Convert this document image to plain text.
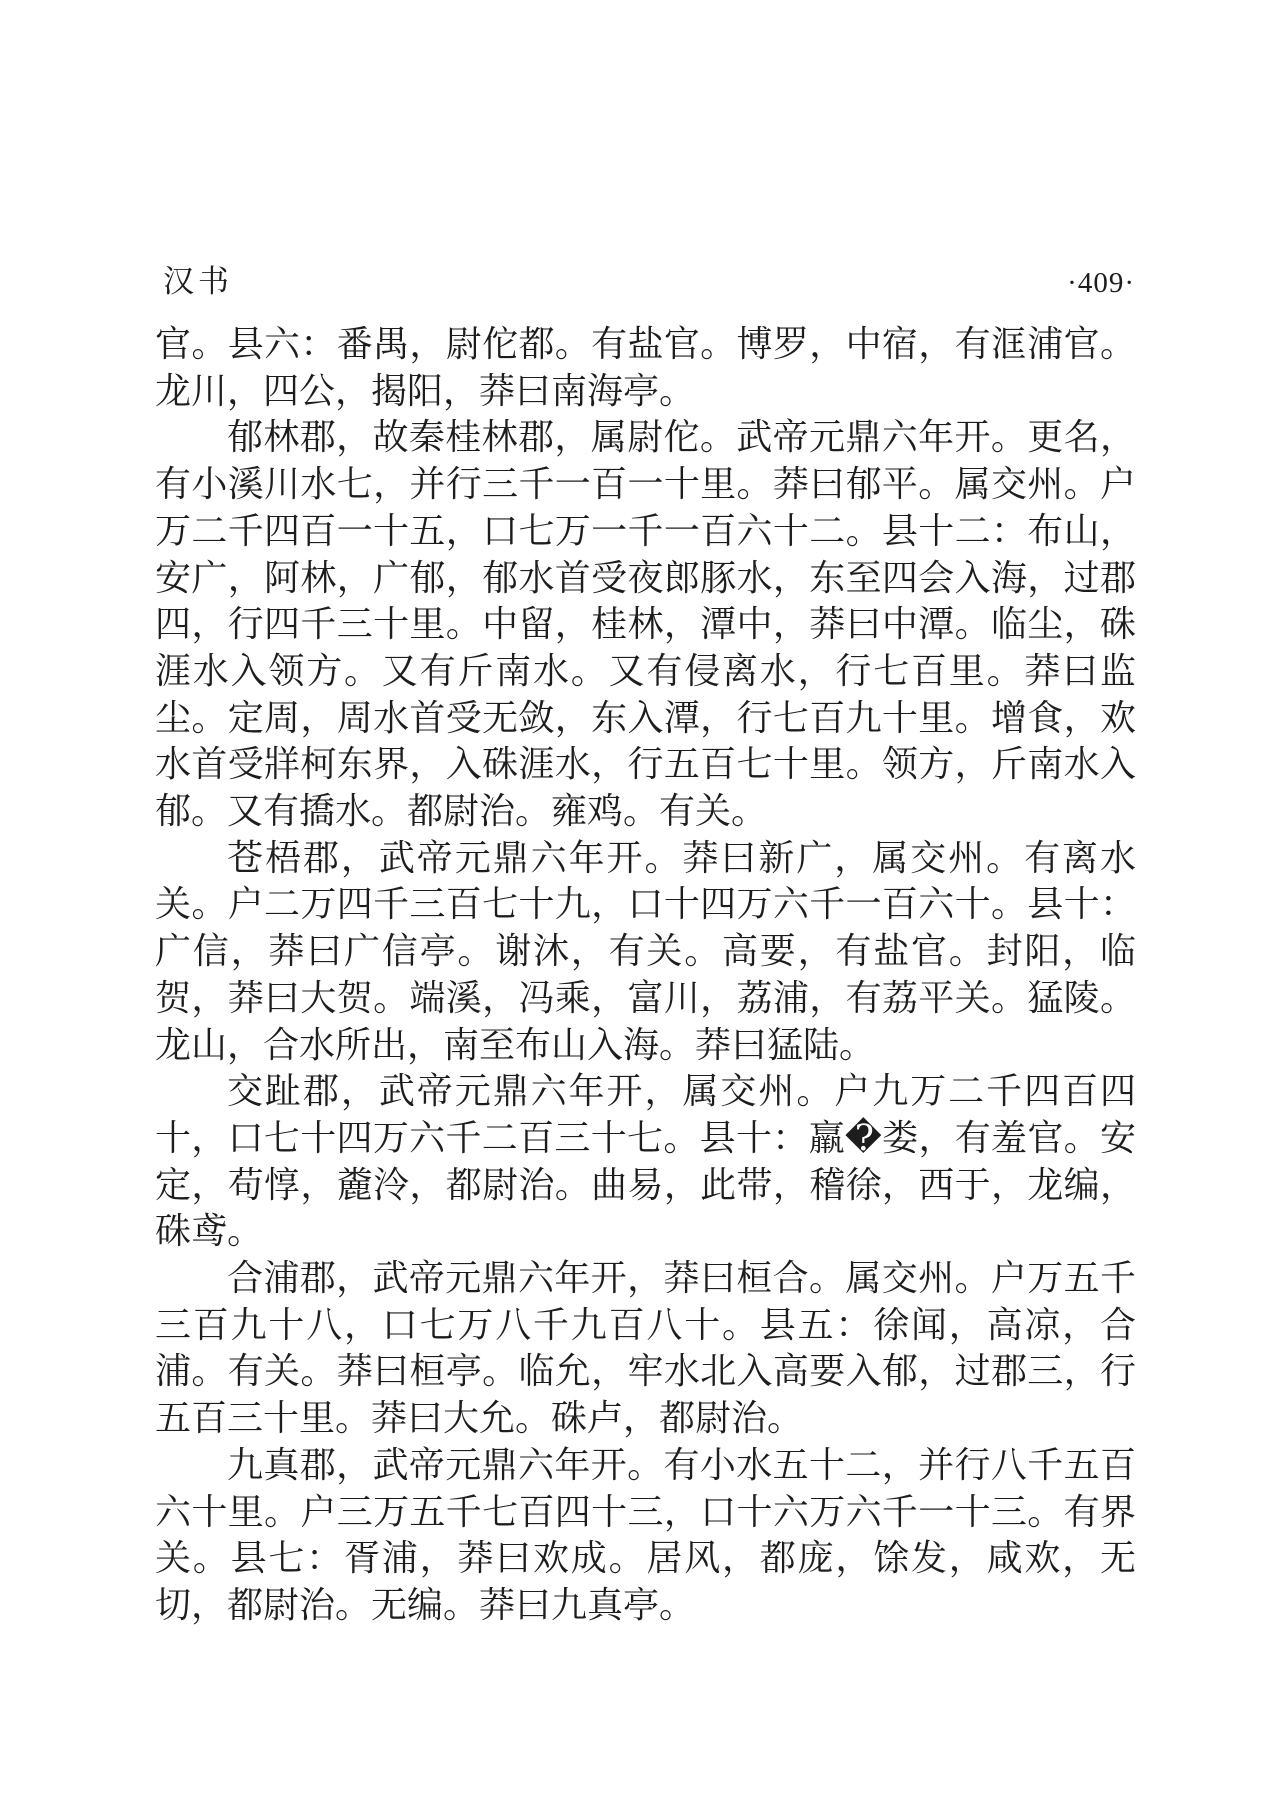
汉书	·409·

官。县六：番禺，尉佗都。有盐官。博罗，中宿，有洭浦官。龙川，四公，揭阳，莽曰南海亭。

郁林郡，故秦桂林郡，属尉佗。武帝元鼎六年开。更名，有小溪川水七，并行三千一百一十里。莽曰郁平。属交州。户万二千四百一十五，口七万一千一百六十二。县十二：布山，安广，阿林，广郁，郁水首受夜郎豚水，东至四会入海，过郡四，行四千三十里。中留，桂林，潭中，莽曰中潭。临尘，硃涯水入领方。又有斤南水。又有侵离水，行七百里。莽曰监尘。定周，周水首受无敛，东入潭，行七百九十里。增食，欢水首受牂柯东界，入硃涯水，行五百七十里。领方，斤南水入郁。又有撟水。都尉治。雍鸡。有关。

苍梧郡，武帝元鼎六年开。莽曰新广，属交州。有离水关。户二万四千三百七十九，口十四万六千一百六十。县十：广信，莽曰广信亭。谢沐，有关。高要，有盐官。封阳，临贺，莽曰大贺。端溪，冯乘，富川，荔浦，有荔平关。猛陵。龙山，合水所出，南至布山入海。莽曰猛陆。

交趾郡，武帝元鼎六年开，属交州。户九万二千四百四十，口七十四万六千二百三十七。县十：羸�娄，有羞官。安定，苟惇，麊泠，都尉治。曲易，此带，稽徐，西于，龙编，硃鸢。

合浦郡，武帝元鼎六年开，莽曰桓合。属交州。户万五千三百九十八，口七万八千九百八十。县五：徐闻，高凉，合浦。有关。莽曰桓亭。临允，牢水北入高要入郁，过郡三，行五百三十里。莽曰大允。硃卢，都尉治。

九真郡，武帝元鼎六年开。有小水五十二，并行八千五百六十里。户三万五千七百四十三，口十六万六千一十三。有界关。县七：胥浦，莽曰欢成。居风，都庞，馀发，咸欢，无切，都尉治。无编。莽曰九真亭。
